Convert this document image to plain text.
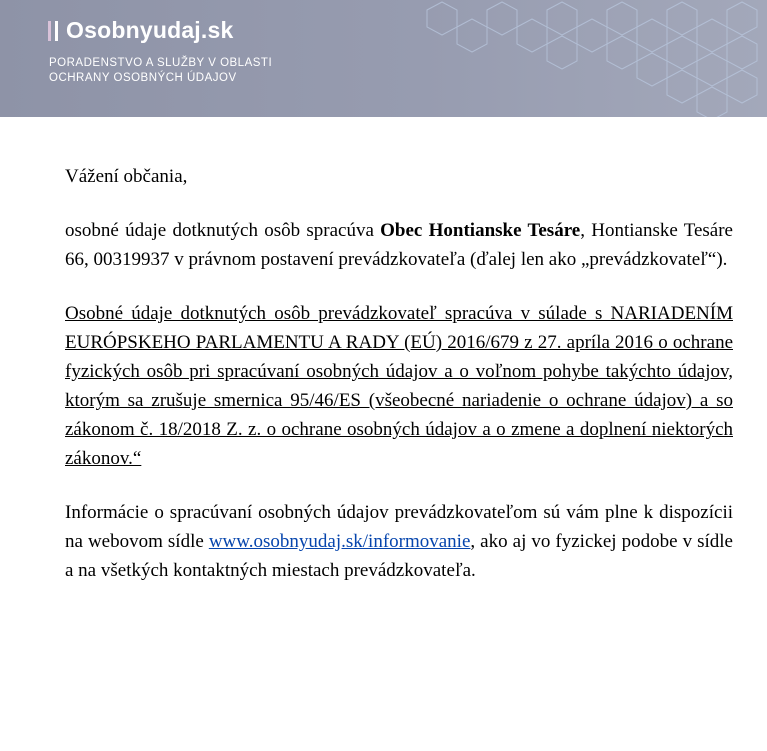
Osobnyudaj.sk
PORADENSTVO A SLUŽBY V OBLASTI
OCHRANY OSOBNÝCH ÚDAJOV

Vážení občania,

osobné údaje dotknutých osôb spracúva Obec Hontianske Tesáre, Hontianske Tesáre 66, 00319937 v právnom postavení prevádzkovateľa (ďalej len ako „prevádzkovateľ“).

Osobné údaje dotknutých osôb prevádzkovateľ spracúva v súlade s NARIADENÍM EURÓPSKEHO PARLAMENTU A RADY (EÚ) 2016/679 z 27. apríla 2016 o ochrane fyzických osôb pri spracúvaní osobných údajov a o voľnom pohybe takýchto údajov, ktorým sa zrušuje smernica 95/46/ES (všeobecné nariadenie o ochrane údajov) a so zákonom č. 18/2018 Z. z. o ochrane osobných údajov a o zmene a doplnení niektorých zákonov.“

Informácie o spracúvaní osobných údajov prevádzkovateľom sú vám plne k dispozícii na webovom sídle www.osobnyudaj.sk/informovanie, ako aj vo fyzickej podobe v sídle a na všetkých kontaktných miestach prevádzkovateľa.
